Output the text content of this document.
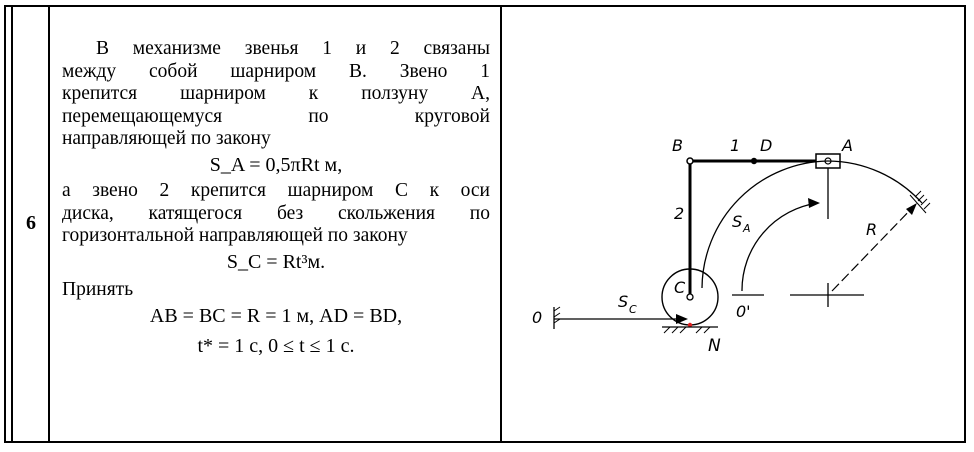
6
В механизме звенья 1 и 2 связаны
между собой шарниром B. Звено 1
крепится шарниром к ползуну A,
перемещающемуся по круговой
направляющей по закону
S_A = 0,5πRt м,
а звено 2 крепится шарниром C к оси
диска, катящегося без скольжения по
горизонтальной направляющей по закону
S_C = Rt³м.
Принять
AB = BC = R = 1 м, AD = BD,
t* = 1 с, 0 ≤ t ≤ 1 с.
B	1 D	A
2	S A	R
C
0
S C	0'
N
